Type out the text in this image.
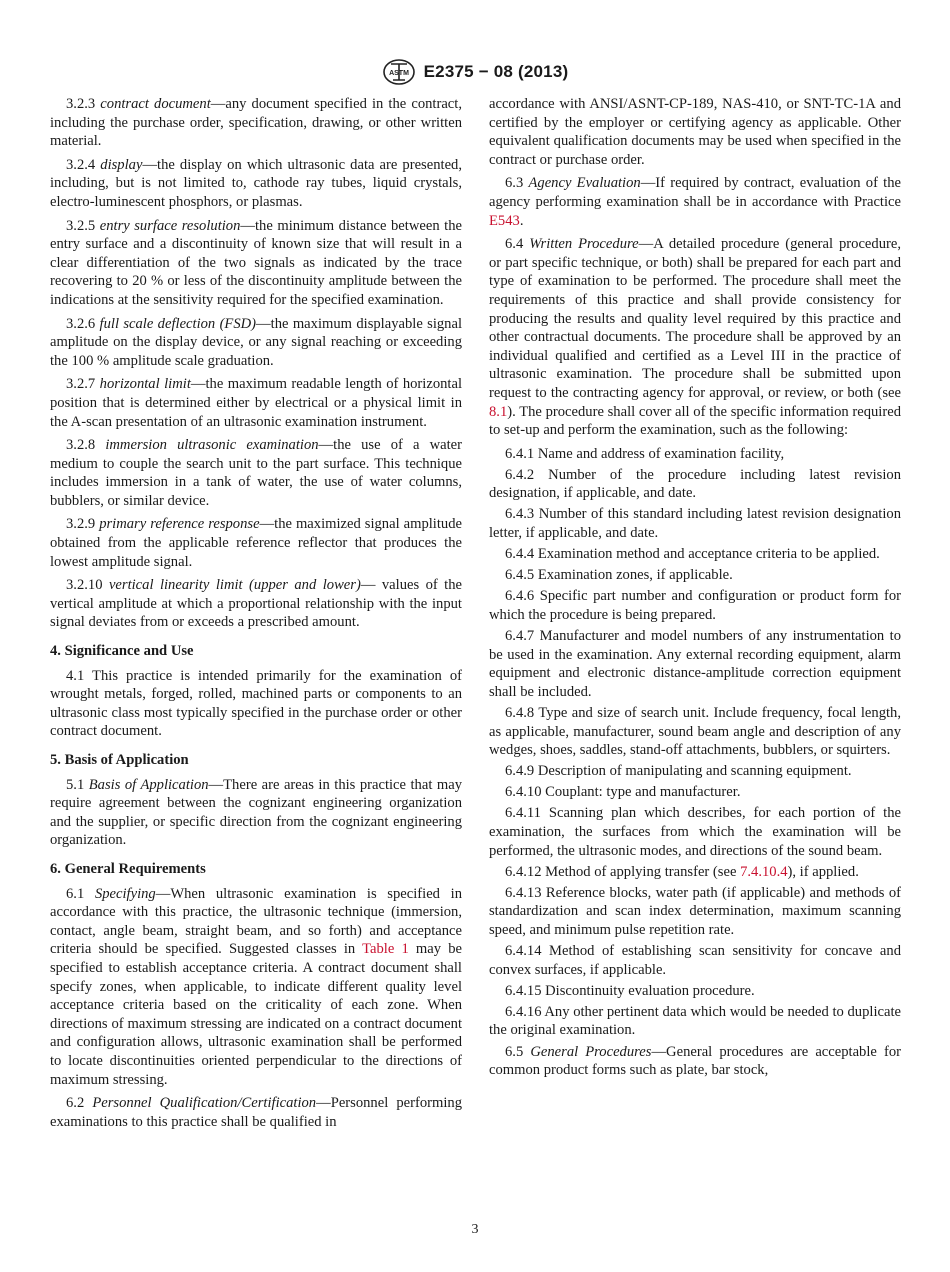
ASTM E2375 − 08 (2013)

3.2.3 contract document—any document specified in the contract, including the purchase order, specification, drawing, or other written material.

3.2.4 display—the display on which ultrasonic data are presented, including, but is not limited to, cathode ray tubes, liquid crystals, electro-luminescent phosphors, or plasmas.

3.2.5 entry surface resolution—the minimum distance between the entry surface and a discontinuity of known size that will result in a clear differentiation of the two signals as indicated by the trace recovering to 20 % or less of the discontinuity amplitude between the indications at the sensitivity required for the specified examination.

3.2.6 full scale deflection (FSD)—the maximum displayable signal amplitude on the display device, or any signal reaching or exceeding the 100 % amplitude scale graduation.

3.2.7 horizontal limit—the maximum readable length of horizontal position that is determined either by electrical or a physical limit in the A-scan presentation of an ultrasonic examination instrument.

3.2.8 immersion ultrasonic examination—the use of a water medium to couple the search unit to the part surface. This technique includes immersion in a tank of water, the use of water columns, bubblers, or similar device.

3.2.9 primary reference response—the maximized signal amplitude obtained from the applicable reference reflector that produces the lowest amplitude signal.

3.2.10 vertical linearity limit (upper and lower)— values of the vertical amplitude at which a proportional relationship with the input signal deviates from or exceeds a prescribed amount.

4. Significance and Use

4.1 This practice is intended primarily for the examination of wrought metals, forged, rolled, machined parts or components to an ultrasonic class most typically specified in the purchase order or other contract document.

5. Basis of Application

5.1 Basis of Application—There are areas in this practice that may require agreement between the cognizant engineering organization and the supplier, or specific direction from the cognizant engineering organization.

6. General Requirements

6.1 Specifying—When ultrasonic examination is specified in accordance with this practice, the ultrasonic technique (immersion, contact, angle beam, straight beam, and so forth) and acceptance criteria should be specified. Suggested classes in Table 1 may be specified to establish acceptance criteria. A contract document shall specify zones, when applicable, to indicate different quality level acceptance criteria based on the criticality of each zone. When directions of maximum stressing are indicated on a contract document and configuration allows, ultrasonic examination shall be performed to locate discontinuities oriented perpendicular to the directions of maximum stressing.

6.2 Personnel Qualification/Certification—Personnel performing examinations to this practice shall be qualified in

accordance with ANSI/ASNT-CP-189, NAS-410, or SNT-TC-1A and certified by the employer or certifying agency as applicable. Other equivalent qualification documents may be used when specified in the contract or purchase order.

6.3 Agency Evaluation—If required by contract, evaluation of the agency performing examination shall be in accordance with Practice E543.

6.4 Written Procedure—A detailed procedure (general procedure, or part specific technique, or both) shall be prepared for each part and type of examination to be performed. The procedure shall meet the requirements of this practice and shall provide consistency for producing the results and quality level required by this practice and other contractual documents. The procedure shall be approved by an individual qualified and certified as a Level III in the practice of ultrasonic examination. The procedure shall be submitted upon request to the contracting agency for approval, or review, or both (see 8.1). The procedure shall cover all of the specific information required to set-up and perform the examination, such as the following:

6.4.1 Name and address of examination facility,

6.4.2 Number of the procedure including latest revision designation, if applicable, and date.

6.4.3 Number of this standard including latest revision designation letter, if applicable, and date.

6.4.4 Examination method and acceptance criteria to be applied.

6.4.5 Examination zones, if applicable.

6.4.6 Specific part number and configuration or product form for which the procedure is being prepared.

6.4.7 Manufacturer and model numbers of any instrumentation to be used in the examination. Any external recording equipment, alarm equipment and electronic distance-amplitude correction equipment shall be included.

6.4.8 Type and size of search unit. Include frequency, focal length, as applicable, manufacturer, sound beam angle and description of any wedges, shoes, saddles, stand-off attachments, bubblers, or squirters.

6.4.9 Description of manipulating and scanning equipment.

6.4.10 Couplant: type and manufacturer.

6.4.11 Scanning plan which describes, for each portion of the examination, the surfaces from which the examination will be performed, the ultrasonic modes, and directions of the sound beam.

6.4.12 Method of applying transfer (see 7.4.10.4), if applied.

6.4.13 Reference blocks, water path (if applicable) and methods of standardization and scan index determination, maximum scanning speed, and minimum pulse repetition rate.

6.4.14 Method of establishing scan sensitivity for concave and convex surfaces, if applicable.

6.4.15 Discontinuity evaluation procedure.

6.4.16 Any other pertinent data which would be needed to duplicate the original examination.

6.5 General Procedures—General procedures are acceptable for common product forms such as plate, bar stock,

3
